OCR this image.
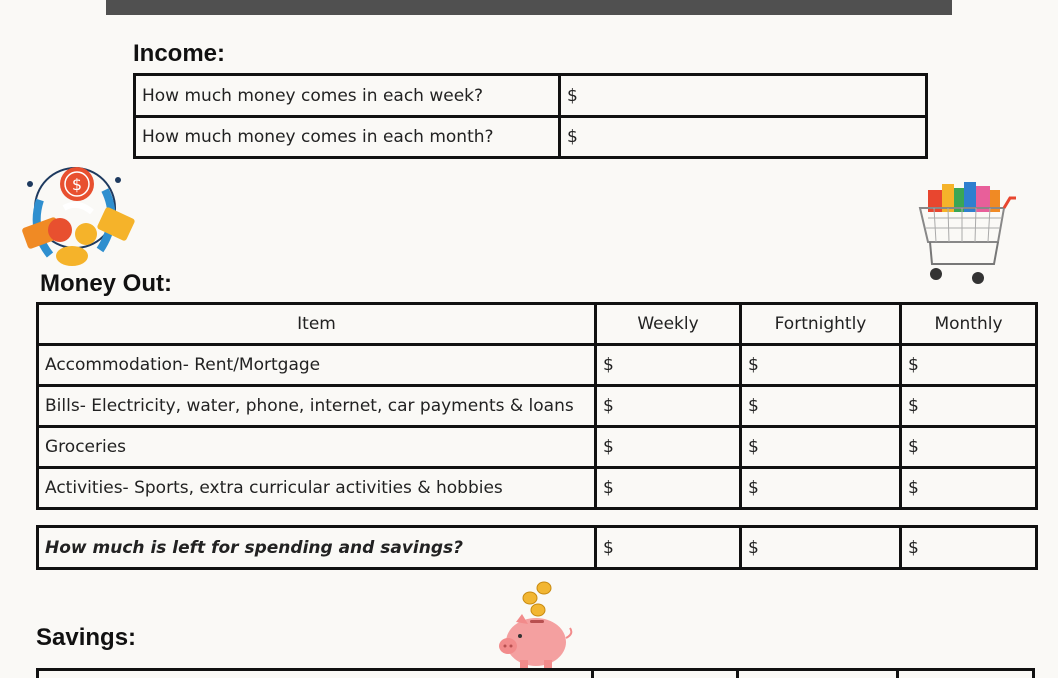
Income:
How much money comes in each week?	$
How much money comes in each month?	$
$
Money Out:
Item	Weekly	Fortnightly	Monthly
Accommodation- Rent/Mortgage	$	$	$
Bills- Electricity, water, phone, internet, car payments & loans	$	$	$
Groceries	$	$	$
Activities- Sports, extra curricular activities & hobbies	$	$	$
How much is left for spending and savings?	$	$	$
Savings:
